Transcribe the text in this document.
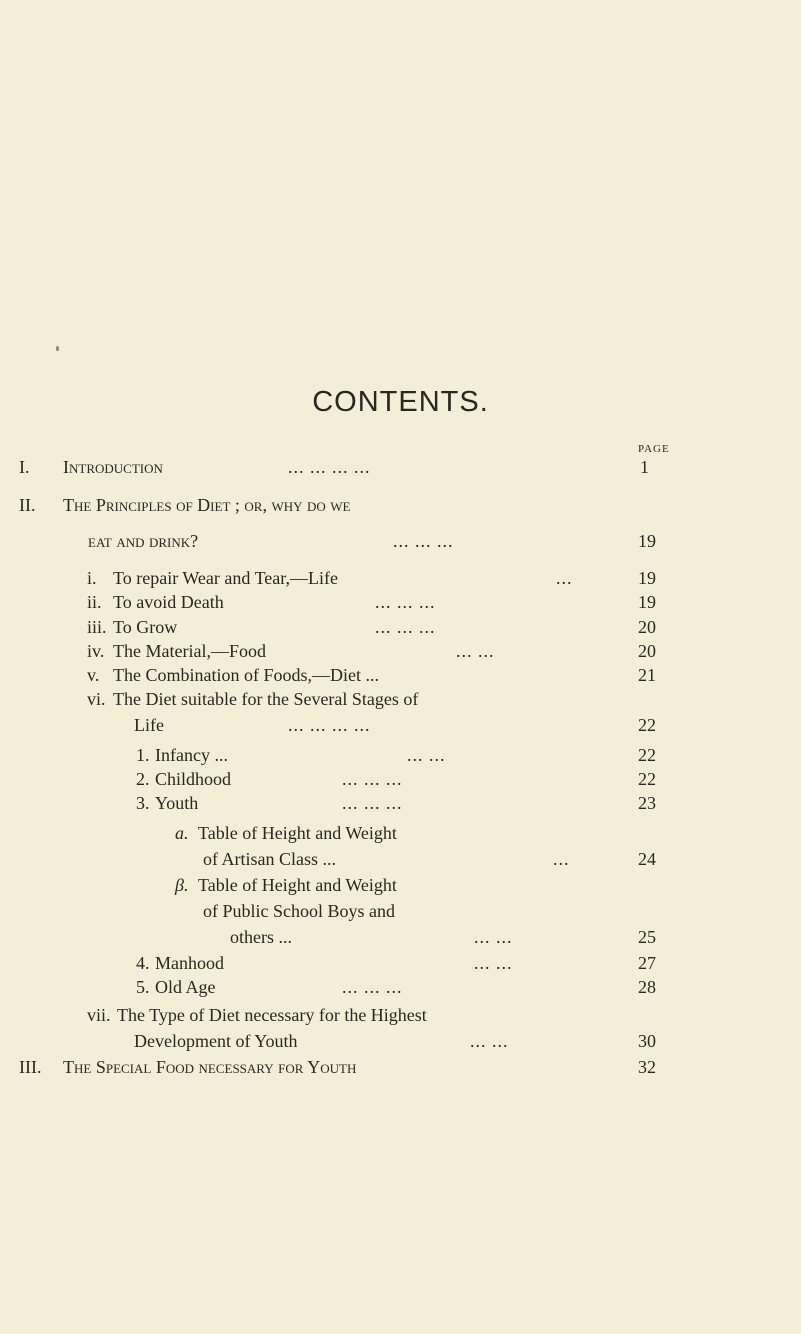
CONTENTS.
PAGE
I. Introduction	... ... ... ...	1
II. The Principles of Diet ; or, why do we
eat and drink?	... ... ...	19
i. To repair Wear and Tear,—Life	...	19
ii. To avoid Death	... ... ...	19
iii. To Grow	... ... ...	20
iv. The Material,—Food	... ...	20
v. The Combination of Foods,—Diet ...	21
vi. The Diet suitable for the Several Stages of
Life	... ... ... ...	22
1. Infancy ...	... ...	22
2. Childhood	... ... ...	22
3. Youth	... ... ...	23
a. Table of Height and Weight
of Artisan Class ...	...	24
β. Table of Height and Weight
of Public School Boys and
others ...	... ...	25
4. Manhood	... ...	27
5. Old Age	... ... ...	28
vii. The Type of Diet necessary for the Highest
Development of Youth	... ...	30
III. The Special Food necessary for Youth	32
